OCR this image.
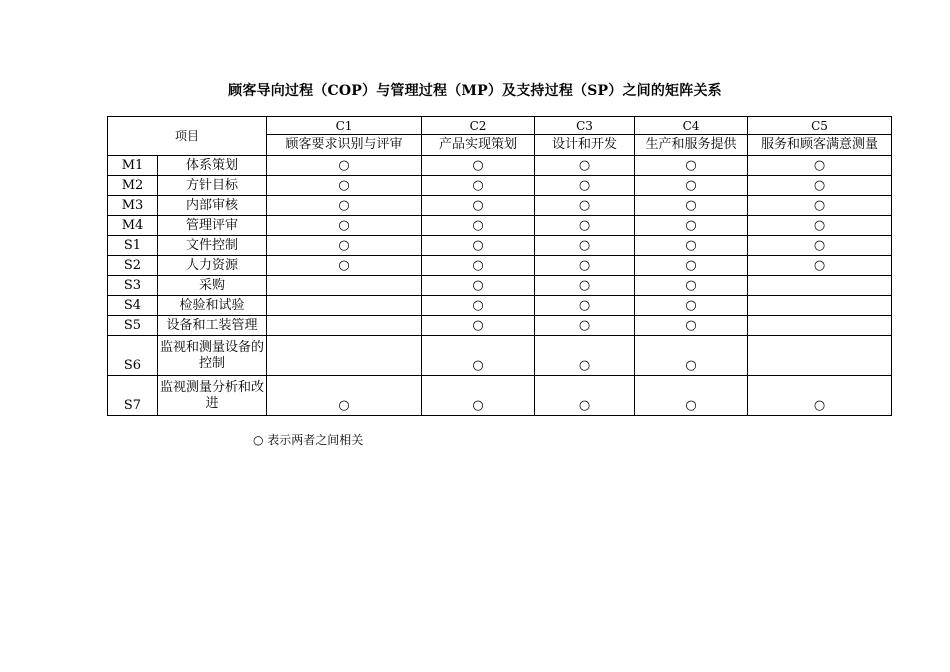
顾客导向过程（COP）与管理过程（MP）及支持过程（SP）之间的矩阵关系
项目		C1	C2	C3	C4	C5
		顾客要求识别与评审	产品实现策划	设计和开发	生产和服务提供	服务和顾客满意测量
M1	体系策划	○	○	○	○	○
M2	方针目标	○	○	○	○	○
M3	内部审核	○	○	○	○	○
M4	管理评审	○	○	○	○	○
S1	文件控制	○	○	○	○	○
S2	人力资源	○	○	○	○	○
S3	采购		○	○	○	
S4	检验和试验		○	○	○	
S5	设备和工装管理		○	○	○	
S6	监视和测量设备的控制		○	○	○	
S7	监视测量分析和改进	○	○	○	○	○
○ 表示两者之间相关
